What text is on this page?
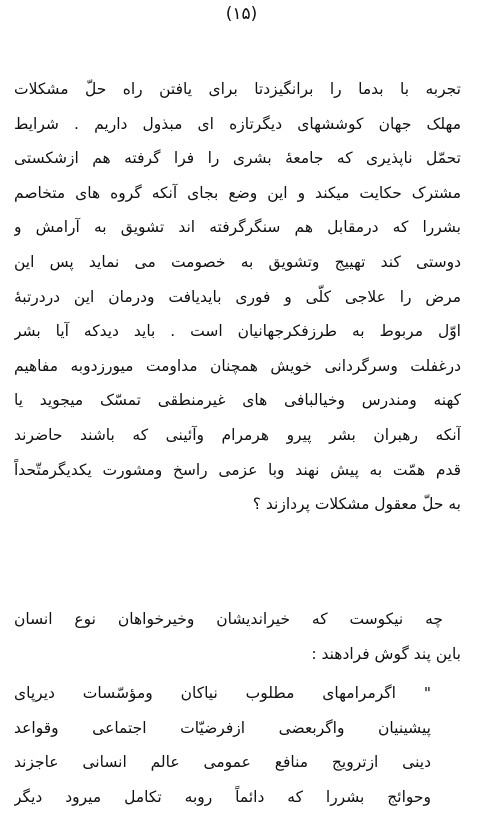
(۱۵)
تجربه با بدما را برانگیزدتا برای یافتن راه حلّ مشکلات
مهلک جهان کوششهای دیگرتازه ای مبذول داریم . شرایط
تحمّل ناپذیری که جامعهٔ بشری را فرا گرفته هم ازشکستی
مشترک حکایت میکند و این وضع بجای آنکه گروه های متخاصم
بشررا که درمقابل هم سنگرگرفته اند تشویق به آرامش و
دوستی کند تهییج وتشویق به خصومت می نماید پس این
مرض را علاجی کلّی و فوری بایدیافت ودرمان این دردرتبهٔ
اوّل مربوط به طرزفکرجهانیان است . باید دیدکه آیا بشر
درغفلت وسرگردانی خویش همچنان مداومت میورزدوبه مفاهیم
کهنه ومندرس وخیالبافی های غیرمنطقی تمسّک میجوید یا
آنکه رهبران بشر پیرو هرمرام وآئینی که باشند حاضرند
قدم همّت به پیش نهند وبا عزمی راسخ ومشورت یکدیگرمتّحداً
به حلّ معقول مشکلات پردازند ؟
چه نیکوست که خیراندیشان وخیرخواهان نوع انسان
باین پند گوش فرادهند :
" اگرمرامهای مطلوب نیاکان ومؤسّسات دیرپای
پیشینیان واگربعضی ازفرضیّات اجتماعی وقواعد
دینی ازترویج منافع عمومی عالم انسانی عاجزند
وحوائج بشررا که دائماً روبه تکامل میرود دیگر
